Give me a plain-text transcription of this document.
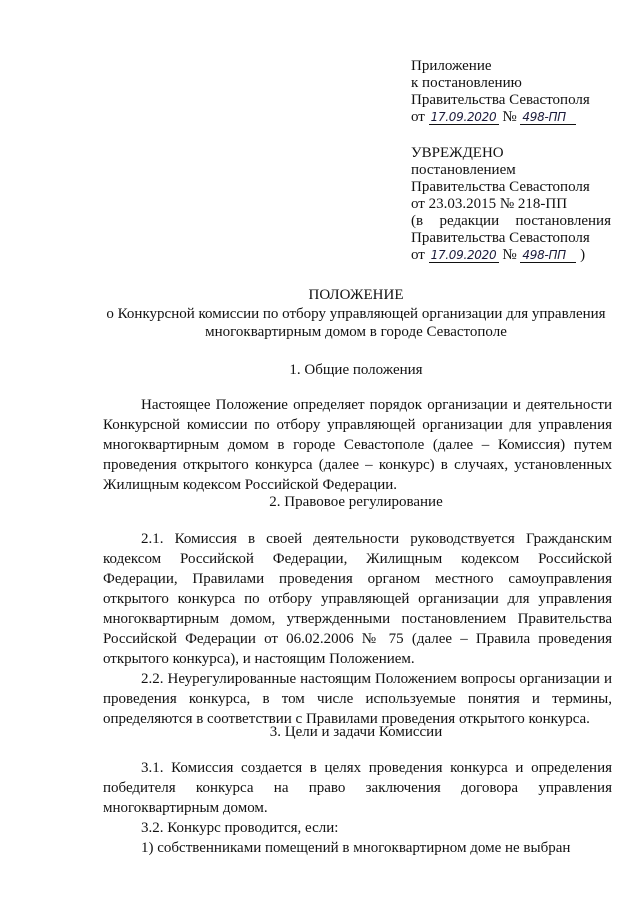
Приложение
к постановлению
Правительства Севастополя
от 17.09.2020 № 498-ПП
УВРЕЖДЕНО
постановлением
Правительства Севастополя
от 23.03.2015 № 218-ПП
(в редакции постановления
Правительства Севастополя
от 17.09.2020 № 498-ПП )
ПОЛОЖЕНИЕ
о Конкурсной комиссии по отбору управляющей организации для управления многоквартирным домом в городе Севастополе
1. Общие положения

Настоящее Положение определяет порядок организации и деятельности Конкурсной комиссии по отбору управляющей организации для управления многоквартирным домом в городе Севастополе (далее – Комиссия) путем проведения открытого конкурса (далее – конкурс) в случаях, установленных Жилищным кодексом Российской Федерации.

2. Правовое регулирование

2.1. Комиссия в своей деятельности руководствуется Гражданским кодексом Российской Федерации, Жилищным кодексом Российской Федерации, Правилами проведения органом местного самоуправления открытого конкурса по отбору управляющей организации для управления многоквартирным домом, утвержденными постановлением Правительства Российской Федерации от 06.02.2006 № 75 (далее – Правила проведения открытого конкурса), и настоящим Положением.

2.2. Неурегулированные настоящим Положением вопросы организации и проведения конкурса, в том числе используемые понятия и термины, определяются в соответствии с Правилами проведения открытого конкурса.

3. Цели и задачи Комиссии

3.1. Комиссия создается в целях проведения конкурса и определения победителя конкурса на право заключения договора управления многоквартирным домом.

3.2. Конкурс проводится, если:

1) собственниками помещений в многоквартирном доме не выбран
